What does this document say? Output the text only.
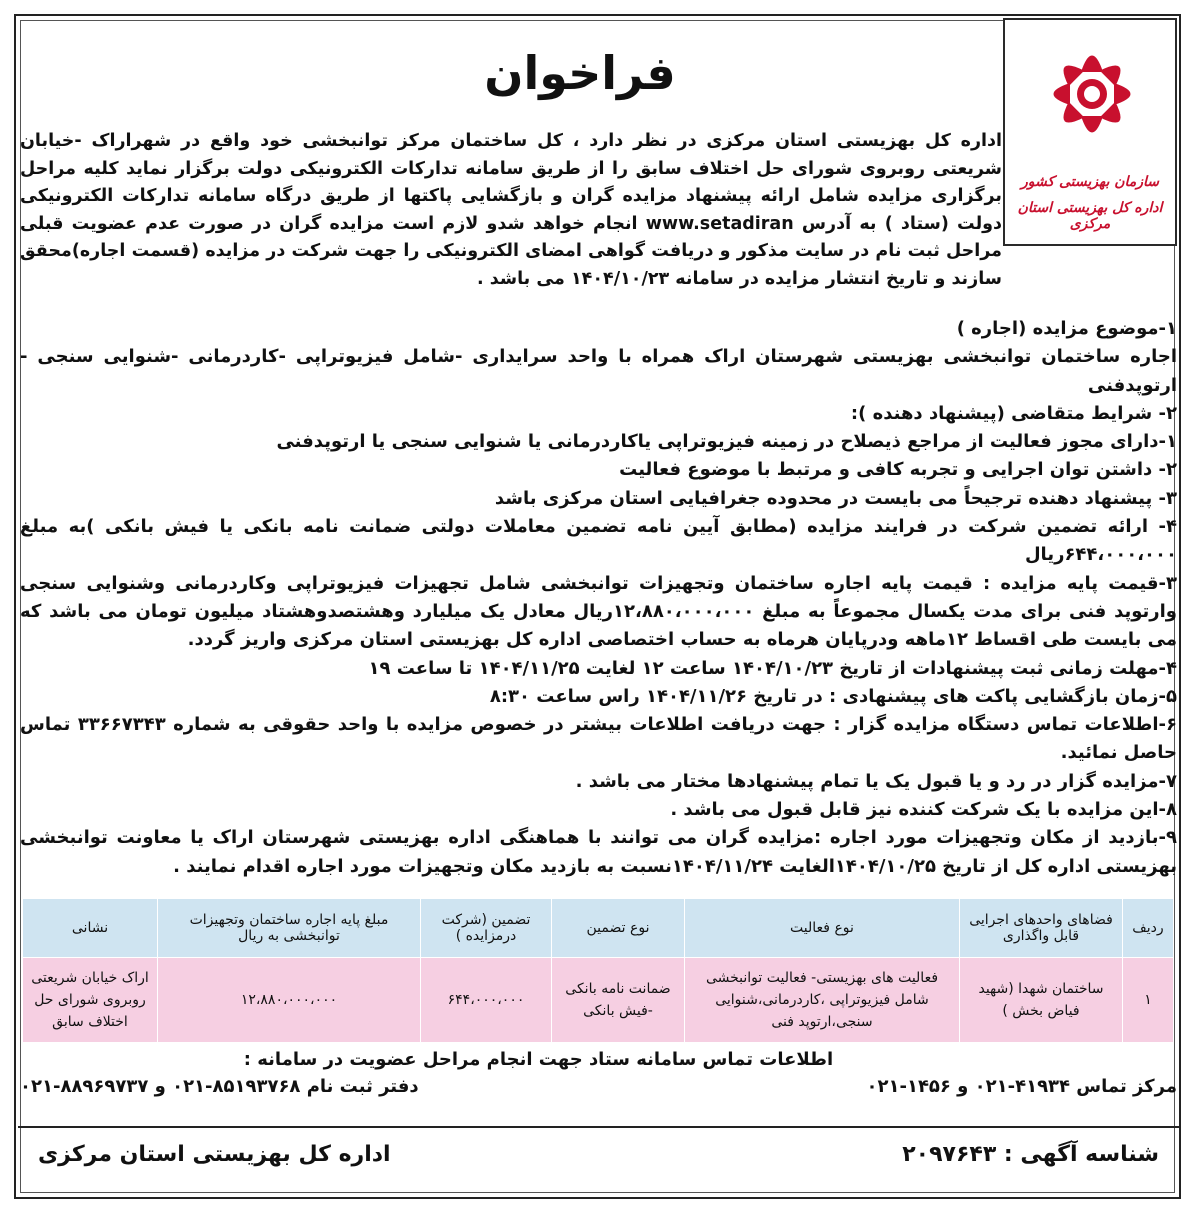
سازمان بهزیستی کشور
اداره کل بهزیستی استان مرکزی
فراخوان
اداره کل بهزیستی استان مرکزی در نظر دارد ، کل ساختمان مرکز توانبخشی خود واقع در شهراراک -خیابان شریعتی روبروی شورای حل اختلاف سابق را از طریق سامانه تدارکات الکترونیکی دولت برگزار نماید کلیه مراحل برگزاری مزایده شامل ارائه پیشنهاد مزایده گران و بازگشایی پاکتها از طریق درگاه سامانه تدارکات الکترونیکی دولت (ستاد ) به آدرس www.setadiran انجام خواهد شدو لازم است مزایده گران در صورت عدم عضویت قبلی مراحل ثبت نام در سایت مذکور و دریافت گواهی امضای الکترونیکی را جهت شرکت در مزایده (قسمت اجاره)محقق سازند و تاریخ انتشار مزایده در سامانه ۱۴۰۴/۱۰/۲۳ می باشد .

۱-موضوع مزایده (اجاره )

اجاره ساختمان توانبخشی بهزیستی شهرستان اراک همراه با واحد سرایداری -شامل فیزیوتراپی -کاردرمانی -شنوایی سنجی - ارتوپدفنی

۲- شرایط متقاضی (پیشنهاد دهنده ):

۱-دارای مجوز فعالیت از مراجع ذیصلاح در زمینه فیزیوتراپی یاکاردرمانی یا شنوایی سنجی یا ارتوپدفنی

۲- داشتن توان اجرایی و تجربه کافی و مرتبط با موضوع فعالیت

۳- پیشنهاد دهنده ترجیحاً می بایست در محدوده جغرافیایی استان مرکزی باشد

۴- ارائه تضمین شرکت در فرایند مزایده (مطابق آیین نامه تضمین معاملات دولتی ضمانت نامه بانکی یا فیش بانکی )به مبلغ ۶۴۴،۰۰۰،۰۰۰ریال

۳-قیمت پایه مزایده : قیمت پایه اجاره ساختمان وتجهیزات توانبخشی شامل تجهیزات فیزیوتراپی وکاردرمانی وشنوایی سنجی وارتوپد فنی برای مدت یکسال مجموعاً به مبلغ ۱۲،۸۸۰،۰۰۰،۰۰۰ریال معادل یک میلیارد وهشتصدوهشتاد میلیون تومان می باشد که می بایست طی اقساط ۱۲ماهه ودرپایان هرماه به حساب اختصاصی اداره کل بهزیستی استان مرکزی واریز گردد.

۴-مهلت زمانی ثبت پیشنهادات از تاریخ ۱۴۰۴/۱۰/۲۳ ساعت ۱۲ لغایت ۱۴۰۴/۱۱/۲۵ تا ساعت ۱۹

۵-زمان بازگشایی پاکت های پیشنهادی : در تاریخ ۱۴۰۴/۱۱/۲۶ راس ساعت ۸:۳۰

۶-اطلاعات تماس دستگاه مزایده گزار : جهت دریافت اطلاعات بیشتر در خصوص مزایده با واحد حقوقی به شماره ۳۳۶۶۷۳۴۳ تماس حاصل نمائید.

۷-مزایده گزار در رد و یا قبول یک یا تمام پیشنهادها مختار می باشد .

۸-این مزایده با یک شرکت کننده نیز قابل قبول می باشد .

۹-بازدید از مکان وتجهیزات مورد اجاره :مزایده گران می توانند با هماهنگی اداره بهزیستی شهرستان اراک یا معاونت توانبخشی بهزیستی اداره کل از تاریخ ۱۴۰۴/۱۰/۲۵الغایت ۱۴۰۴/۱۱/۲۴نسبت به بازدید مکان وتجهیزات مورد اجاره اقدام نمایند .

ردیف	فضاهای واحدهای اجرایی قابل واگذاری	نوع فعالیت	نوع تضمین	تضمین (شرکت درمزایده )	مبلغ پایه اجاره ساختمان وتجهیزات توانبخشی به ریال	نشانی
۱	ساختمان شهدا (شهید فیاض بخش )	فعالیت های بهزیستی- فعالیت توانبخشی شامل فیزیوتراپی ،کاردرمانی،شنوایی سنجی،ارتوپد فنی	ضمانت نامه بانکی -فیش بانکی	۶۴۴،۰۰۰،۰۰۰	۱۲،۸۸۰،۰۰۰،۰۰۰	اراک خیابان شریعتی روبروی شورای حل اختلاف سابق
اطلاعات تماس سامانه ستاد جهت انجام مراحل عضویت در سامانه :
مرکز تماس ۴۱۹۳۴-۰۲۱ و ۱۴۵۶-۰۲۱
دفتر ثبت نام ۸۵۱۹۳۷۶۸-۰۲۱ و ۸۸۹۶۹۷۳۷-۰۲۱
شناسه آگهی : ۲۰۹۷۶۴۳
اداره کل بهزیستی استان مرکزی
